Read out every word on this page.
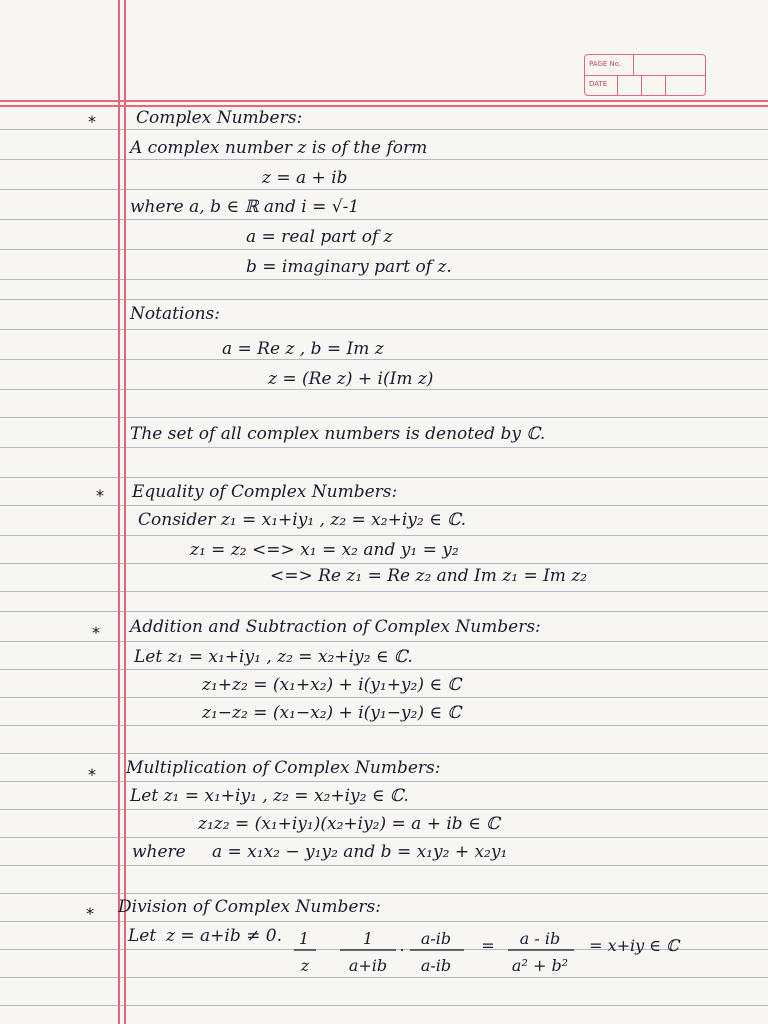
PAGE No.
DATE
* Complex Numbers:
A complex number z is of the form
z = a + ib
where a, b ∈ ℝ and i = √-1
a = real part of z
b = imaginary part of z.
Notations:
a = Re z , b = Im z
z = (Re z) + i(Im z)
The set of all complex numbers is denoted by ℂ.
* Equality of Complex Numbers:
Consider z₁ = x₁+iy₁ , z₂ = x₂+iy₂ ∈ ℂ.
z₁ = z₂ <=> x₁ = x₂ and y₁ = y₂
<=> Re z₁ = Re z₂ and Im z₁ = Im z₂
* Addition and Subtraction of Complex Numbers:
Let z₁ = x₁+iy₁ , z₂ = x₂+iy₂ ∈ ℂ.
z₁+z₂ = (x₁+x₂) + i(y₁+y₂) ∈ ℂ
z₁−z₂ = (x₁−x₂) + i(y₁−y₂) ∈ ℂ
* Multiplication of Complex Numbers:
Let z₁ = x₁+iy₁ , z₂ = x₂+iy₂ ∈ ℂ.
z₁z₂ = (x₁+iy₁)(x₂+iy₂) = a + ib ∈ ℂ
where a = x₁x₂ − y₁y₂ and b = x₁y₂ + x₂y₁
* Division of Complex Numbers:
Let z = a+ib ≠ 0. 1
z
1
a+ib
. a-ib
a-ib
= a - ib
a² + b²
= x+iy ∈ ℂ
